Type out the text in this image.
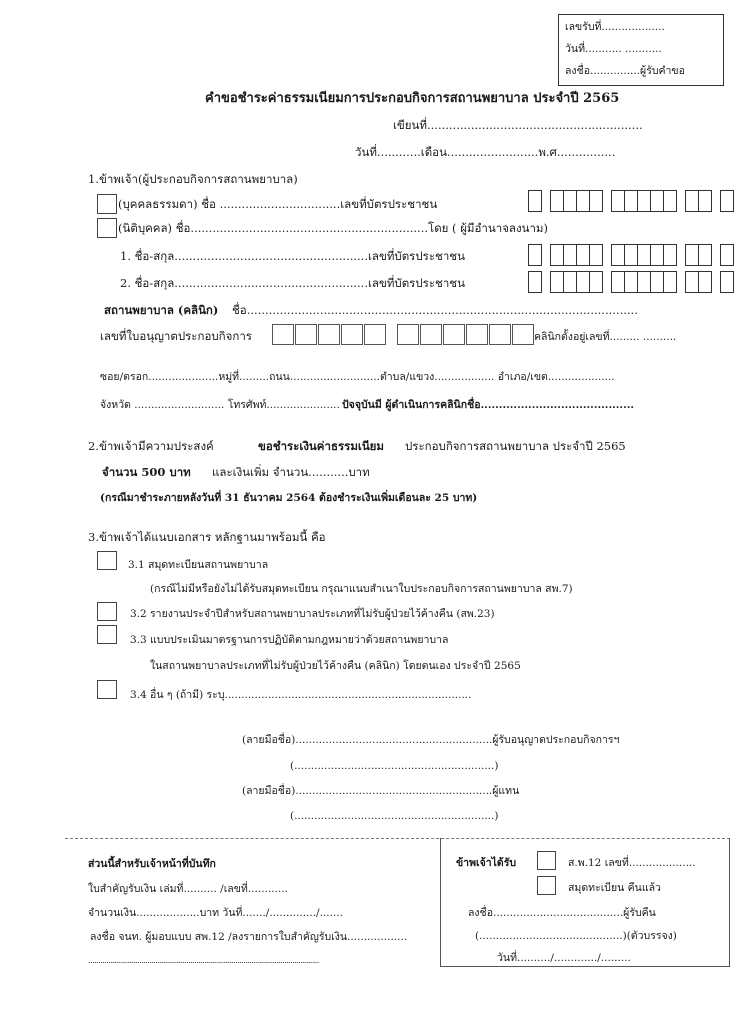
เลขรับที่...................
วันที่........... ...........
ลงชื่อ...............ผู้รับคำขอ
คำขอชำระค่าธรรมเนียมการประกอบกิจการสถานพยาบาล ประจำปี 2565
เขียนที่...........................................................
วันที่............เดือน.........................พ.ศ................
1.ข้าพเจ้า(ผู้ประกอบกิจการสถานพยาบาล)
(บุคคลธรรมดา) ชื่อ .................................เลขที่บัตรประชาชน
(นิติบุคคล) ชื่อ.................................................................โดย ( ผู้มีอำนาจลงนาม)
1. ชื่อ-สกุล.....................................................เลขที่บัตรประชาชน
2. ชื่อ-สกุล.....................................................เลขที่บัตรประชาชน
สถานพยาบาล (คลินิก) ชื่อ...........................................................................................................
เลขที่ใบอนุญาตประกอบกิจการ	คลินิกตั้งอยู่เลขที่......... ..........
ซอย/ตรอก.....................หมู่ที่.........ถนน...........................ตำบล/แขวง.................. อำเภอ/เขต....................
จังหวัด ........................... โทรศัพท์...................... ปัจจุบันมี ผู้ดำเนินการคลินิกชื่อ..........................................
2.ข้าพเจ้ามีความประสงค์	ขอชำระเงินค่าธรรมเนียม ประกอบกิจการสถานพยาบาล ประจำปี 2565
จำนวน 500 บาท และเงินเพิ่ม จำนวน...........บาท
(กรณีมาชำระภายหลังวันที่ 31 ธันวาคม 2564 ต้องชำระเงินเพิ่มเดือนละ 25 บาท)
3.ข้าพเจ้าได้แนบเอกสาร หลักฐานมาพร้อมนี้ คือ
3.1 สมุดทะเบียนสถานพยาบาล
(กรณีไม่มีหรือยังไม่ได้รับสมุดทะเบียน กรุณาแนบสำเนาใบประกอบกิจการสถานพยาบาล สพ.7)
3.2 รายงานประจำปีสำหรับสถานพยาบาลประเภทที่ไม่รับผู้ป่วยไว้ค้างคืน (สพ.23)
3.3 แบบประเมินมาตรฐานการปฏิบัติตามกฎหมายว่าด้วยสถานพยาบาล
ในสถานพยาบาลประเภทที่ไม่รับผู้ป่วยไว้ค้างคืน (คลินิก) โดยตนเอง ประจำปี 2565
3.4 อื่น ๆ (ถ้ามี) ระบุ..........................................................................
(ลายมือชื่อ)...........................................................ผู้รับอนุญาตประกอบกิจการฯ
(............................................................)
(ลายมือชื่อ)...........................................................ผู้แทน
(............................................................)
ส่วนนี้สำหรับเจ้าหน้าที่บันทึก
ใบสำคัญรับเงิน เล่มที่.......... /เลขที่............
จำนวนเงิน...................บาท วันที่......./............../.......
ลงชื่อ จนท. ผู้มอบแบบ สพ.12 /ลงรายการใบสำคัญรับเงิน..................
.................................................................................................................
ข้าพเจ้าได้รับ	ส.พ.12 เลขที่....................
สมุดทะเบียน คืนแล้ว
ลงชื่อ.......................................ผู้รับคืน
(...........................................)(ตัวบรรจง)
วันที่........../............./.........
